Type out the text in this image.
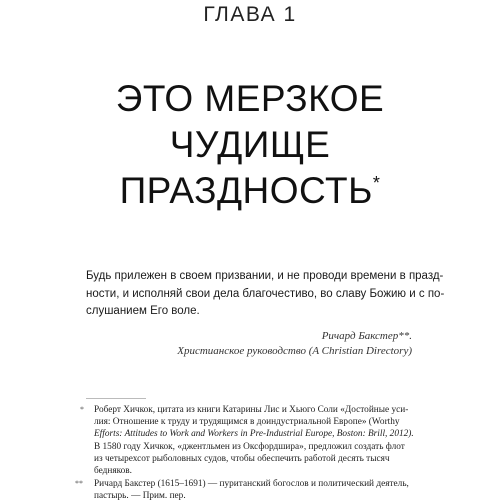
ГЛАВА 1
ЭТО МЕРЗКОЕ
ЧУДИЩЕ
ПРАЗДНОСТЬ*
Будь прилежен в своем призвании, и не проводи времени в празд-
ности, и исполняй свои дела благочестиво, во славу Божию и с по-
слушанием Его воле.
Ричард Бакстер**.
Христианское руководство (A Christian Directory)
* Роберт Хичкок, цитата из книги Катарины Лис и Хьюго Соли «Достойные уси-
лия: Отношение к труду и трудящимся в доиндустриальной Европе» (Worthy
Efforts: Attitudes to Work and Workers in Pre-Industrial Europe, Boston: Brill, 2012).
В 1580 году Хичкок, «джентльмен из Оксфордшира», предложил создать флот
из четырехсот рыболовных судов, чтобы обеспечить работой десять тысяч
бедняков.
** Ричард Бакстер (1615–1691) — пуританский богослов и политический деятель,
пастырь. — Прим. пер.
